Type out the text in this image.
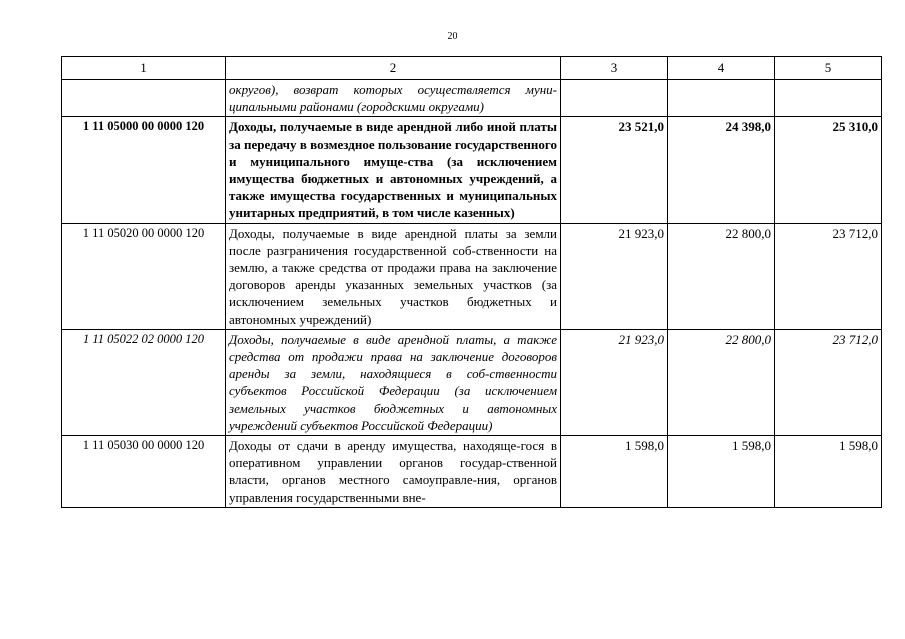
20
1	2	3	4	5
	округов), возврат которых осуществляется муни-ципальными районами (городскими округами)			
1 11 05000 00 0000 120	Доходы, получаемые в виде арендной либо иной платы за передачу в возмездное пользование государственного и муниципального имуще-ства (за исключением имущества бюджетных и автономных учреждений, а также имущества государственных и муниципальных унитарных предприятий, в том числе казенных)	23 521,0	24 398,0	25 310,0
1 11 05020 00 0000 120	Доходы, получаемые в виде арендной платы за земли после разграничения государственной соб-ственности на землю, а также средства от продажи права на заключение договоров аренды указанных земельных участков (за исключением земельных участков бюджетных и автономных учреждений)	21 923,0	22 800,0	23 712,0
1 11 05022 02 0000 120	Доходы, получаемые в виде арендной платы, а также средства от продажи права на заключение договоров аренды за земли, находящиеся в соб-ственности субъектов Российской Федерации (за исключением земельных участков бюджетных и автономных учреждений субъектов Российской Федерации)	21 923,0	22 800,0	23 712,0
1 11 05030 00 0000 120	Доходы от сдачи в аренду имущества, находяще-гося в оперативном управлении органов государ-ственной власти, органов местного самоуправле-ния, органов управления государственными вне-	1 598,0	1 598,0	1 598,0
